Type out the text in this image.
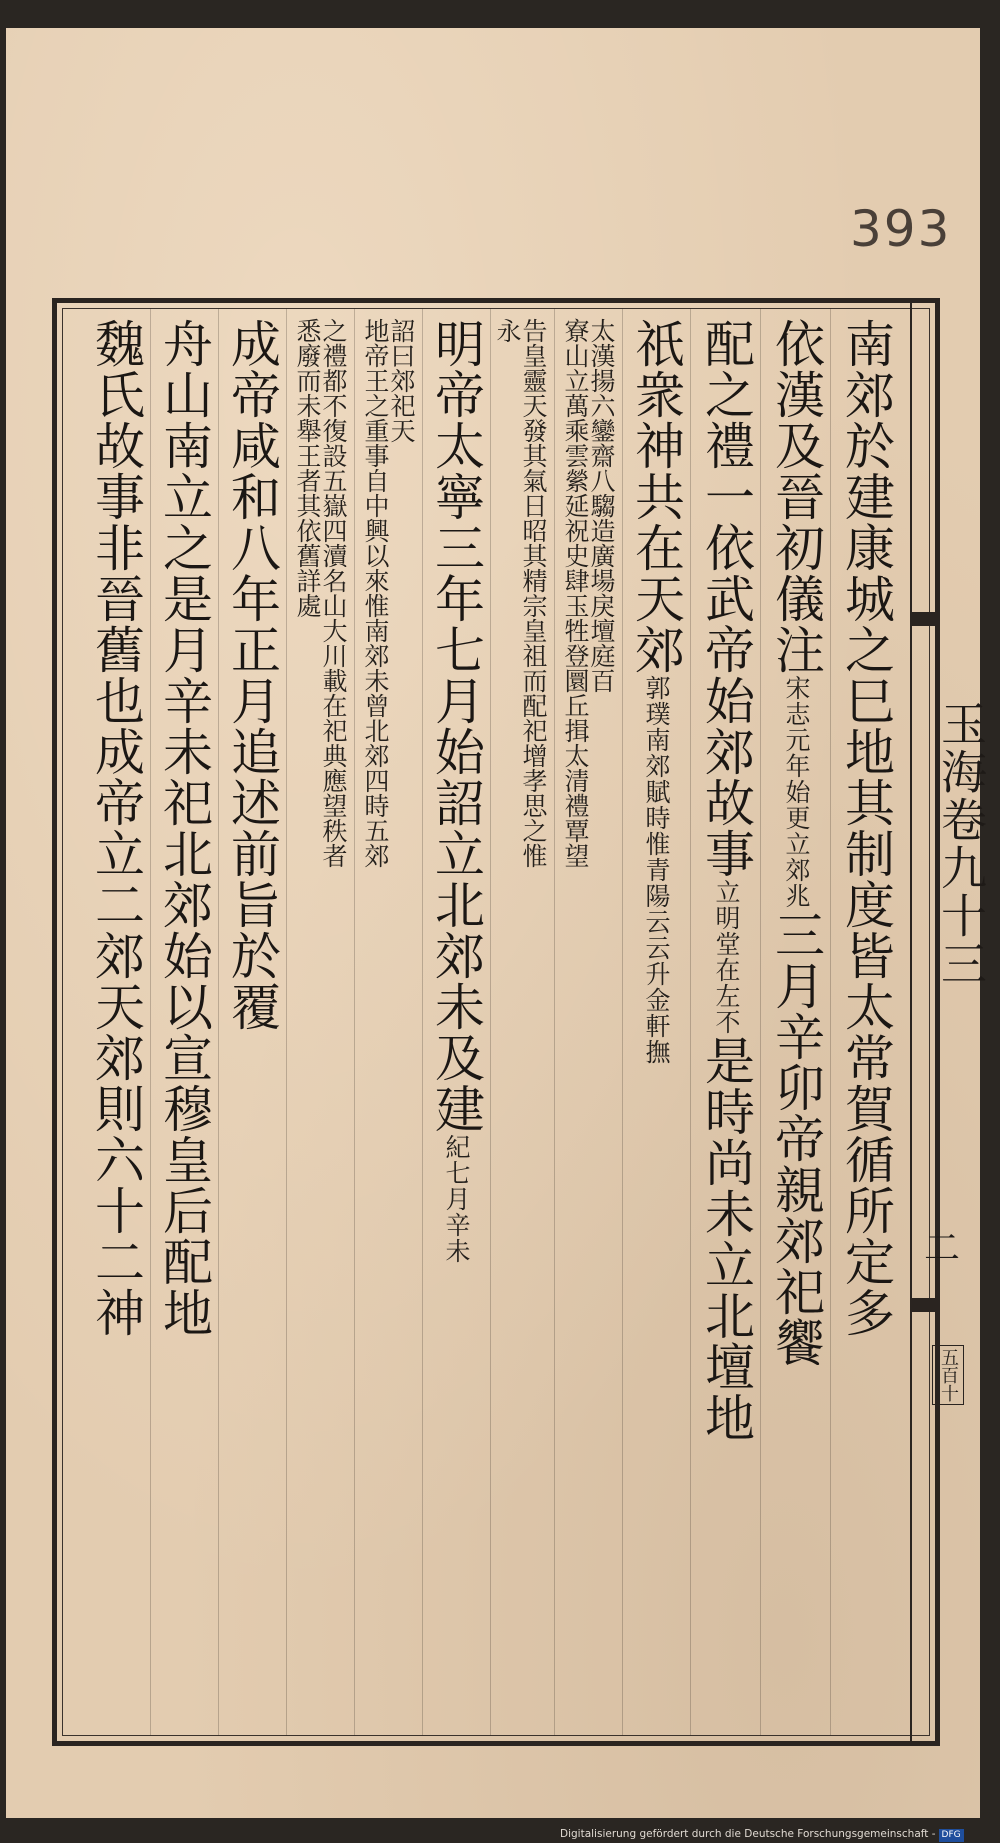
393
玉海卷九十三
二
五百十
南郊於建康城之巳地其制度皆太常賀循所定多
依漢及晉初儀注宋志元年始更立郊兆三月辛卯帝親郊祀饗
配之禮一依武帝始郊故事立明堂在左不是時尚未立北壇地
祇衆神共在天郊郭璞南郊賦時惟青陽云云升金軒撫
太漢揚六鑾齋八騶造廣場戾壇庭百
寮山立萬乘雲縈延祝史肆玉牲登圜丘揖太清禮覃望
告皇靈天發其氣日昭其精宗皇祖而配祀增孝思之惟
永
明帝太寧三年七月始詔立北郊未及建紀七月辛未
詔曰郊祀天
地帝王之重事自中興以來惟南郊未曾北郊四時五郊
之禮都不復設五嶽四瀆名山大川載在祀典應望秩者
悉廢而未舉王者其依舊詳處
成帝咸和八年正月追述前旨於覆
舟山南立之是月辛未祀北郊始以宣穆皇后配地
魏氏故事非晉舊也成帝立二郊天郊則六十二神
Digitalisierung gefördert durch die Deutsche Forschungsgemeinschaft - DFG
